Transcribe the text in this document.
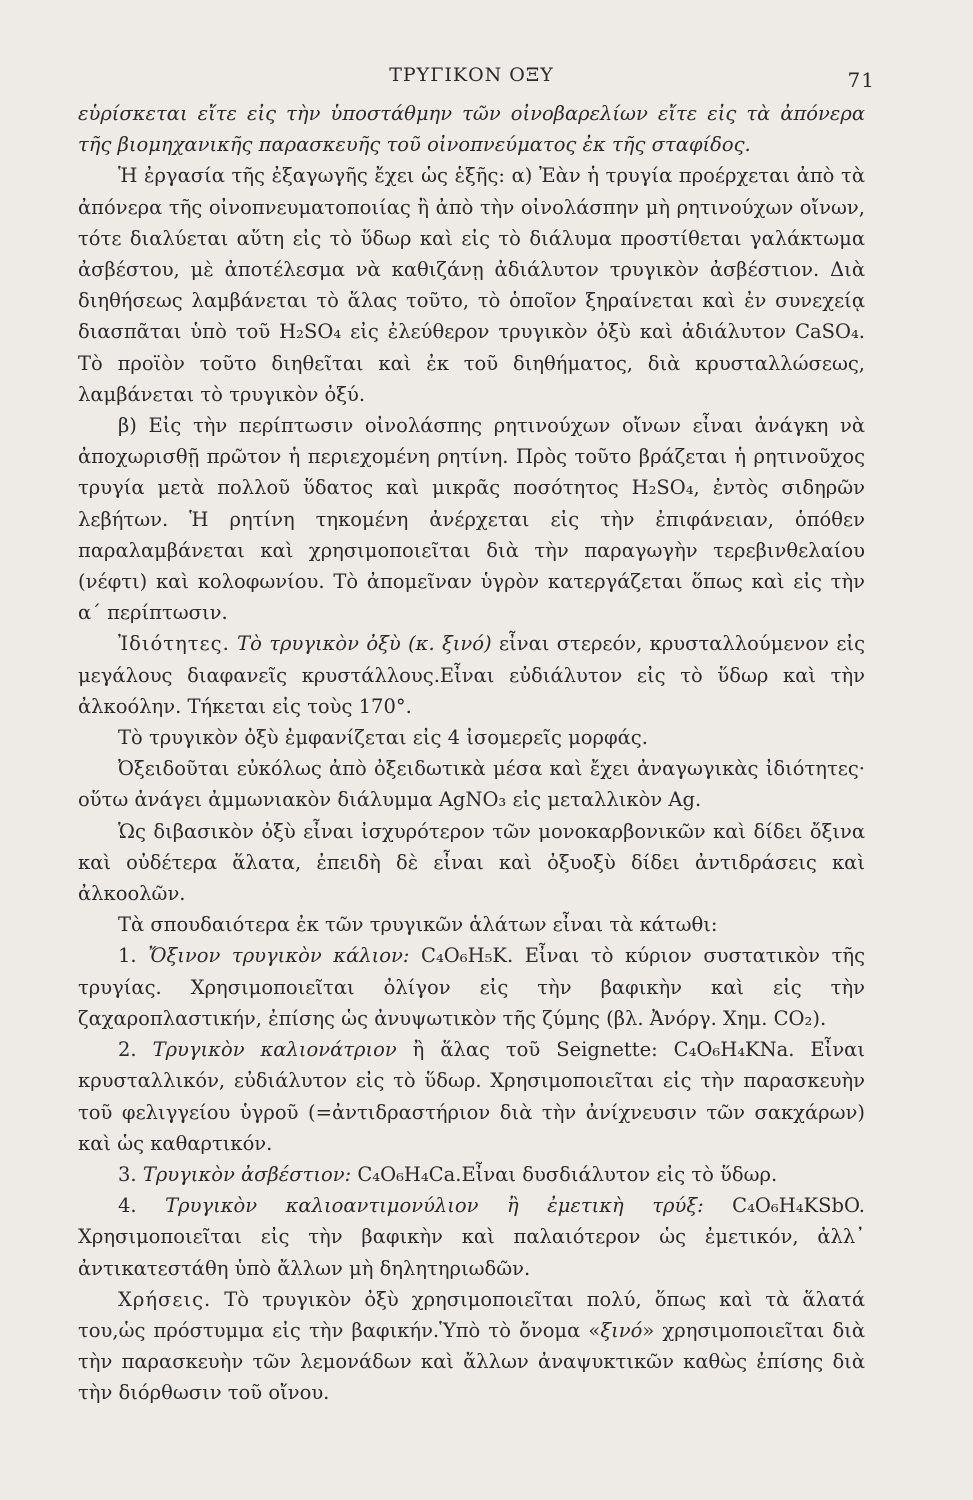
ΤΡΥΓΙΚΟΝ ΟΞΥ	71

εὑρίσκεται εἴτε εἰς τὴν ὑποστάθμην τῶν οἰνοβαρελίων εἴτε εἰς τὰ ἀπόνερα τῆς βιομηχανικῆς παρασκευῆς τοῦ οἰνοπνεύματος ἐκ τῆς σταφίδος.

Ἡ ἐργασία τῆς ἐξαγωγῆς ἔχει ὡς ἑξῆς: α) Ἐὰν ἡ τρυγία προέρχεται ἀπὸ τὰ ἀπόνερα τῆς οἰνοπνευματοποιίας ἢ ἀπὸ τὴν οἰνολάσπην μὴ ρητινούχων οἴνων, τότε διαλύεται αὕτη εἰς τὸ ὕδωρ καὶ εἰς τὸ διάλυμα προστίθεται γαλάκτωμα ἀσβέστου, μὲ ἀποτέλεσμα νὰ καθιζάνῃ ἀδιάλυτον τρυγικὸν ἀσβέστιον. Διὰ διηθήσεως λαμβάνεται τὸ ἅλας τοῦτο, τὸ ὁποῖον ξηραίνεται καὶ ἐν συνεχείᾳ διασπᾶται ὑπὸ τοῦ H₂SO₄ εἰς ἐλεύθερον τρυγικὸν ὀξὺ καὶ ἀδιάλυτον CaSO₄. Τὸ προϊὸν τοῦτο διηθεῖται καὶ ἐκ τοῦ διηθήματος, διὰ κρυσταλλώσεως, λαμβάνεται τὸ τρυγικὸν ὀξύ.

β) Εἰς τὴν περίπτωσιν οἰνολάσπης ρητινούχων οἴνων εἶναι ἀνάγκη νὰ ἀποχωρισθῇ πρῶτον ἡ περιεχομένη ρητίνη. Πρὸς τοῦτο βράζεται ἡ ρητινοῦχος τρυγία μετὰ πολλοῦ ὕδατος καὶ μικρᾶς ποσότητος H₂SO₄, ἐντὸς σιδηρῶν λεβήτων. Ἡ ρητίνη τηκομένη ἀνέρχεται εἰς τὴν ἐπιφάνειαν, ὁπόθεν παραλαμβάνεται καὶ χρησιμοποιεῖται διὰ τὴν παραγωγὴν τερεβινθελαίου (νέφτι) καὶ κολοφωνίου. Τὸ ἀπομεῖναν ὑγρὸν κατεργάζεται ὅπως καὶ εἰς τὴν α΄ περίπτωσιν.

Ἰδιότητες. Τὸ τρυγικὸν ὀξὺ (κ. ξινό) εἶναι στερεόν, κρυσταλλούμενον εἰς μεγάλους διαφανεῖς κρυστάλλους.Εἶναι εὐδιάλυτον εἰς τὸ ὕδωρ καὶ τὴν ἀλκοόλην. Τήκεται εἰς τοὺς 170°.

Τὸ τρυγικὸν ὀξὺ ἐμφανίζεται εἰς 4 ἰσομερεῖς μορφάς.

Ὀξειδοῦται εὐκόλως ἀπὸ ὀξειδωτικὰ μέσα καὶ ἔχει ἀναγωγικὰς ἰδιότητες· οὕτω ἀνάγει ἀμμωνιακὸν διάλυμμα AgNO₃ εἰς μεταλλικὸν Ag.

Ὡς διβασικὸν ὀξὺ εἶναι ἰσχυρότερον τῶν μονοκαρβονικῶν καὶ δίδει ὄξινα καὶ οὐδέτερα ἅλατα, ἐπειδὴ δὲ εἶναι καὶ ὀξυοξὺ δίδει ἀντιδράσεις καὶ ἀλκοολῶν.

Τὰ σπουδαιότερα ἐκ τῶν τρυγικῶν ἁλάτων εἶναι τὰ κάτωθι:

1. Ὄξινον τρυγικὸν κάλιον: C₄O₆H₅K. Εἶναι τὸ κύριον συστατικὸν τῆς τρυγίας. Χρησιμοποιεῖται ὀλίγον εἰς τὴν βαφικὴν καὶ εἰς τὴν ζαχαροπλαστικήν, ἐπίσης ὡς ἀνυψωτικὸν τῆς ζύμης (βλ. Ἀνόργ. Χημ. CO₂).

2. Τρυγικὸν καλιονάτριον ἢ ἅλας τοῦ Seignette: C₄O₆H₄KNa. Εἶναι κρυσταλλικόν, εὐδιάλυτον εἰς τὸ ὕδωρ. Χρησιμοποιεῖται εἰς τὴν παρασκευὴν τοῦ φελιγγείου ὑγροῦ (=ἀντιδραστήριον διὰ τὴν ἀνίχνευσιν τῶν σακχάρων) καὶ ὡς καθαρτικόν.

3. Τρυγικὸν ἀσβέστιον: C₄O₆H₄Ca.Εἶναι δυσδιάλυτον εἰς τὸ ὕδωρ.

4. Τρυγικὸν καλιοαντιμονύλιον ἢ ἐμετικὴ τρύξ: C₄O₆H₄KSbO. Χρησιμοποιεῖται εἰς τὴν βαφικὴν καὶ παλαιότερον ὡς ἐμετικόν, ἀλλ᾽ ἀντικατεστάθη ὑπὸ ἄλλων μὴ δηλητηριωδῶν.

Χρήσεις. Τὸ τρυγικὸν ὀξὺ χρησιμοποιεῖται πολύ, ὅπως καὶ τὰ ἅλατά του,ὡς πρόστυμμα εἰς τὴν βαφικήν.Ὑπὸ τὸ ὄνομα «ξινό» χρησιμοποιεῖται διὰ τὴν παρασκευὴν τῶν λεμονάδων καὶ ἄλλων ἀναψυκτικῶν καθὼς ἐπίσης διὰ τὴν διόρθωσιν τοῦ οἴνου.
